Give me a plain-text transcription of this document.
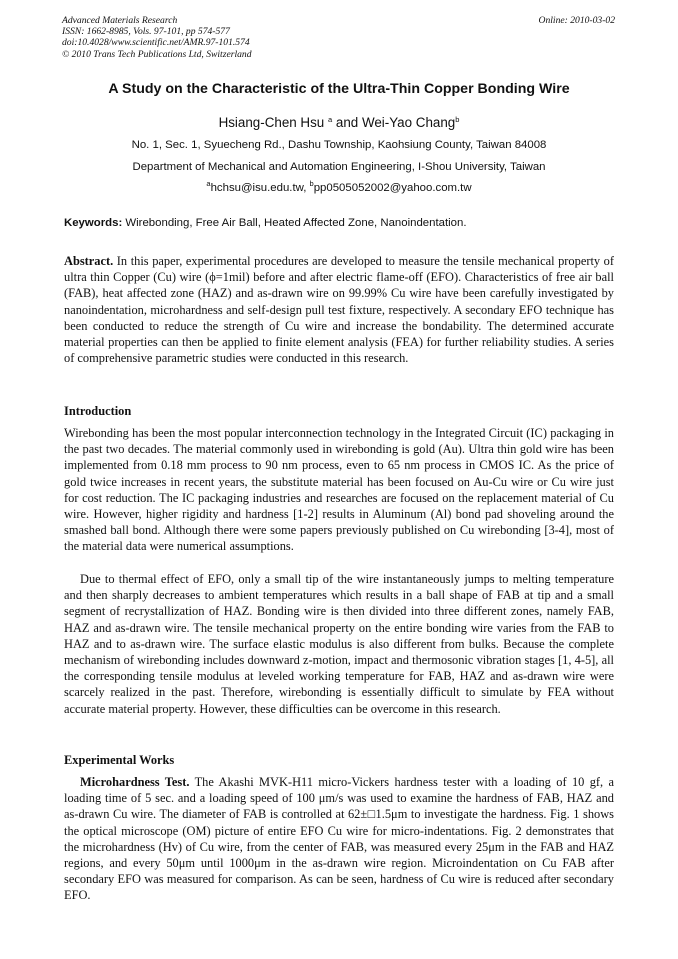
Advanced Materials Research
ISSN: 1662-8985, Vols. 97-101, pp 574-577
doi:10.4028/www.scientific.net/AMR.97-101.574
© 2010 Trans Tech Publications Ltd, Switzerland
Online: 2010-03-02
A Study on the Characteristic of the Ultra-Thin Copper Bonding Wire
Hsiang-Chen Hsu $^a$ and Wei-Yao Chang$^b$
No. 1, Sec. 1, Syuecheng Rd., Dashu Township, Kaohsiung County, Taiwan 84008
Department of Mechanical and Automation Engineering, I-Shou University, Taiwan
$^a$hchsu@isu.edu.tw, $^b$pp0505052002@yahoo.com.tw
Keywords: Wirebonding, Free Air Ball, Heated Affected Zone, Nanoindentation.
Abstract. In this paper, experimental procedures are developed to measure the tensile mechanical property of ultra thin Copper (Cu) wire (ϕ=1mil) before and after electric flame-off (EFO). Characteristics of free air ball (FAB), heat affected zone (HAZ) and as-drawn wire on 99.99% Cu wire have been carefully investigated by nanoindentation, microhardness and self-design pull test fixture, respectively. A secondary EFO technique has been conducted to reduce the strength of Cu wire and increase the bondability. The determined accurate material properties can then be applied to finite element analysis (FEA) for further reliability studies. A series of comprehensive parametric studies were conducted in this research.
Introduction
Wirebonding has been the most popular interconnection technology in the Integrated Circuit (IC) packaging in the past two decades. The material commonly used in wirebonding is gold (Au). Ultra thin gold wire has been implemented from 0.18 mm process to 90 nm process, even to 65 nm process in CMOS IC. As the price of gold twice increases in recent years, the substitute material has been focused on Au-Cu wire or Cu wire just for cost reduction. The IC packaging industries and researches are focused on the replacement material of Cu wire. However, higher rigidity and hardness [1-2] results in Aluminum (Al) bond pad shoveling around the smashed ball bond. Although there were some papers previously published on Cu wirebonding [3-4], most of the material data were numerical assumptions.
Due to thermal effect of EFO, only a small tip of the wire instantaneously jumps to melting temperature and then sharply decreases to ambient temperatures which results in a ball shape of FAB at tip and a small segment of recrystallization of HAZ. Bonding wire is then divided into three different zones, namely FAB, HAZ and as-drawn wire. The tensile mechanical property on the entire bonding wire varies from the FAB to HAZ and to as-drawn wire. The surface elastic modulus is also different from bulks. Because the complete mechanism of wirebonding includes downward z-motion, impact and thermosonic vibration stages [1, 4-5], all the corresponding tensile modulus at leveled working temperature for FAB, HAZ and as-drawn wire were scarcely realized in the past. Therefore, wirebonding is essentially difficult to simulate by FEA without accurate material property. However, these difficulties can be overcome in this research.
Experimental Works
Microhardness Test. The Akashi MVK-H11 micro-Vickers hardness tester with a loading of 10 gf, a loading time of 5 sec. and a loading speed of 100 μm/s was used to examine the hardness of FAB, HAZ and as-drawn Cu wire. The diameter of FAB is controlled at 62±□1.5μm to investigate the hardness. Fig. 1 shows the optical microscope (OM) picture of entire EFO Cu wire for micro-indentations. Fig. 2 demonstrates that the microhardness (Hv) of Cu wire, from the center of FAB, was measured every 25μm in the FAB and HAZ regions, and every 50μm until 1000μm in the as-drawn wire region. Microindentation on Cu FAB after secondary EFO was measured for comparison. As can be seen, hardness of Cu wire is reduced after secondary EFO.
